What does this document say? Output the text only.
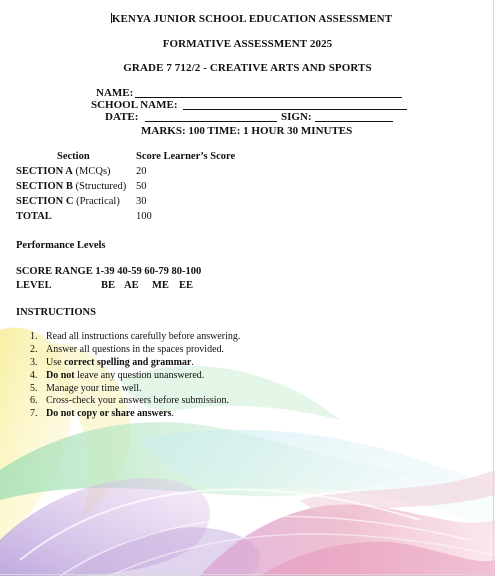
KENYA JUNIOR SCHOOL EDUCATION ASSESSMENT
FORMATIVE ASSESSMENT 2025
GRADE 7 712/2 - CREATIVE ARTS AND SPORTS
NAME:
SCHOOL NAME:
DATE:	SIGN:
MARKS: 100 TIME: 1 HOUR 30 MINUTES
Section	Score Learner’s Score
SECTION A (MCQs) 20
SECTION B (Structured) 50
SECTION C (Practical) 30
TOTAL	100
Performance Levels
SCORE RANGE 1-39 40-59 60-79 80-100
LEVEL	BE AE ME EE
INSTRUCTIONS
1. Read all instructions carefully before answering.
2. Answer all questions in the spaces provided.
3. Use correct spelling and grammar.
4. Do not leave any question unanswered.
5. Manage your time well.
6. Cross-check your answers before submission.
7. Do not copy or share answers.
